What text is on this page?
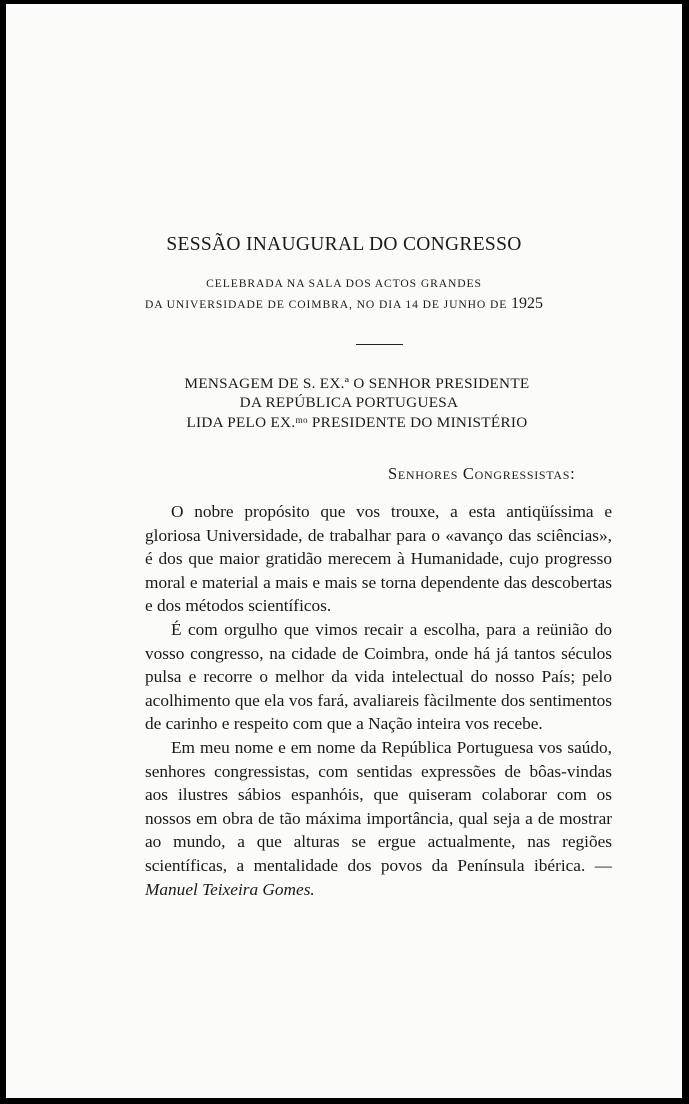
SESSÃO INAUGURAL DO CONGRESSO
CELEBRADA NA SALA DOS ACTOS GRANDES
DA UNIVERSIDADE DE COIMBRA, NO DIA 14 DE JUNHO DE 1925
MENSAGEM DE S. EX.ª O SENHOR PRESIDENTE
DA REPÚBLICA PORTUGUESA
LIDA PELO EX.ᵐᵒ PRESIDENTE DO MINISTÉRIO
Senhores Congressistas:

O nobre propósito que vos trouxe, a esta antiqüíssima e gloriosa Universidade, de trabalhar para o «avanço das sciências», é dos que maior gratidão merecem à Humanidade, cujo progresso moral e material a mais e mais se torna dependente das descobertas e dos métodos scientíficos.

É com orgulho que vimos recair a escolha, para a reünião do vosso congresso, na cidade de Coimbra, onde há já tantos séculos pulsa e recorre o melhor da vida intelectual do nosso País; pelo acolhimento que ela vos fará, avaliareis fàcilmente dos sentimentos de carinho e respeito com que a Nação inteira vos recebe.

Em meu nome e em nome da República Portuguesa vos saúdo, senhores congressistas, com sentidas expressões de bôas-vindas aos ilustres sábios espanhóis, que quiseram colaborar com os nossos em obra de tão máxima importância, qual seja a de mostrar ao mundo, a que alturas se ergue actualmente, nas regiões scientíficas, a mentalidade dos povos da Península ibérica. — Manuel Teixeira Gomes.
